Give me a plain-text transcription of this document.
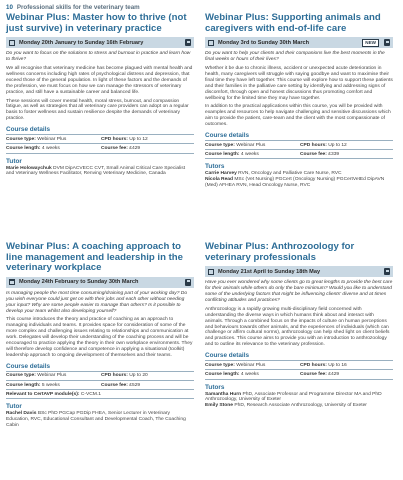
10 Professional skills for the veterinary team
Webinar Plus: Master how to thrive (not just survive) in veterinary practice
Monday 20th January to Sunday 16th February

Do you want to focus on the solutions to stress and burnout in practice and learn how to thrive?

We all recognise that veterinary medicine has become plagued with mental health and wellness concerns including high rates of psychological distress and depression, that exceed those of the general population. In light of these factors and the demands of the profession, we must focus on how we can manage the stressors of veterinary practice, and still have a sustainable career and balanced life.

These sessions will cover mental health, moral stress, burnout, and compassion fatigue, as well as strategies that all veterinary care providers can adopt on a regular basis to foster wellness and sustain resilience despite the demands of veterinary practice.

Course details
Course type: Webinar Plus	CPD hours: Up to 12
Course length: 4 weeks	Course fee: £429
Tutor

Marie Holowaychuk DVM DipACVECC CVT, Small Animal Critical Care Specialist and Veterinary Wellness Facilitator, Renving Veterinary Medicine, Canada

Webinar Plus: A coaching approach to line management and leadership in the veterinary workplace
Monday 24th February to Sunday 30th March

Is managing people the most time consuming/draining part of your working day? Do you wish everyone could just get on with their jobs and each other without needing your input? Why are some people easier to manage than others? Is it possible to develop your team whilst also developing yourself?

This course introduces the theory and practice of coaching as an approach to managing individuals and teams. It provides space for consideration of some of the more complex and challenging issues relating to relationships and communication at work. Delegates will develop their understanding of the coaching process and will be encouraged to practice applying the theory in their own workplace environments. They will therefore develop confidence and competence in applying a situational (toolkit) leadership approach to ongoing development of themselves and their teams.

Course details
Course type: Webinar Plus	CPD hours: Up to 20
Course length: 5 weeks	Course fee: £529
Relevant to CertAVP module(s): C-VCM.1
Tutor

Rachel Davis BSc PhD PGCap PGDip FHEA, Senior Lecturer in Veterinary Education, RVC, Educational Consultant and Developmental Coach, The Coaching Cabin

Webinar Plus: Supporting animals and caregivers with end-of-life care
Monday 3rd to Sunday 30th March	NEW

Do you want to help your clients and their companions live the best moments in the final weeks or hours of their lives?

Whether it be due to chronic illness, accident or unexpected acute deterioration in health, many caregivers will struggle with saying goodbye and want to maximise their final time they have left together. This course will explore how to support these patients and their families in the palliative care setting by identifying and addressing signs of discomfort, through open and honest discussions thus promoting comfort and wellbeing for the limited time they may have together.

In addition to the practical applications within this course, you will be provided with examples and resources to help navigate challenging and sensitive discussions which aim to provide the patient, care-team and the client with the most compassionate of outcomes.

Course details
Course type: Webinar Plus	CPD hours: Up to 12
Course length: 4 weeks	Course fee: £339
Tutors

Carrie Harvey RVN, Oncology and Palliative Care Nurse, RVC

Nicola Read MSc (Vet Nursing) PGCert (Oncology Nursing) PGCertVetEd DipAVN (Med) AFHEA RVN, Head Oncology Nurse, RVC

Webinar Plus: Anthrozoology for veterinary professionals
Monday 21st April to Sunday 18th May

Have you ever wondered why some clients go to great lengths to provide the best care for their animals while others do only the bare minimum? Would you like to understand some of the underlying factors that might be influencing clients' diverse and at times conflicting attitudes and practices?

Anthrozoology is a rapidly growing multi-disciplinary field concerned with understanding the diverse ways in which humans think about and interact with animals. Through a combined focus on the impacts of culture on human perceptions and behaviours towards other animals, and the experiences of individuals (which can challenge or affirm cultural norms), anthrozoology can help shed light on client beliefs and practices. This course aims to provide you with an introduction to anthrozoology and to outline its relevance to the veterinary profession.

Course details
Course type: Webinar Plus	CPD hours: Up to 16
Course length: 4 weeks	Course fee: £429
Tutors

Samantha Hurn PhD, Associate Professor and Programme Director MA and PhD Anthrozoology, University of Exeter

Emily Stone PhD, Research Associate Anthrozoology, University of Exeter
